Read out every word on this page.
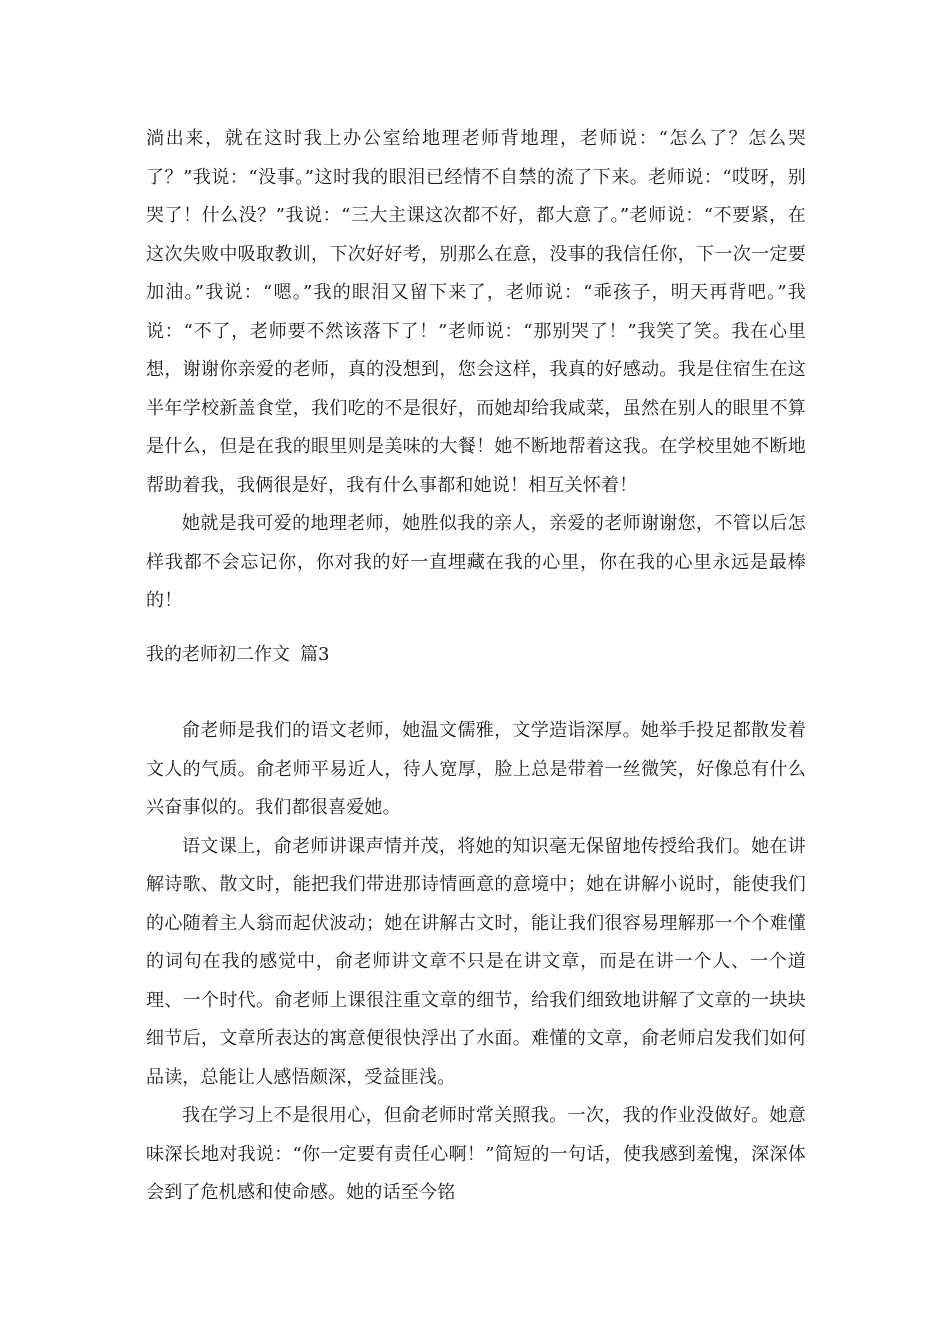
淌出来，就在这时我上办公室给地理老师背地理，老师说：“怎么了？怎么哭了？”我说：“没事。”这时我的眼泪已经情不自禁的流了下来。老师说：“哎呀，别哭了！什么没？”我说：“三大主课这次都不好，都大意了。”老师说：“不要紧，在这次失败中吸取教训，下次好好考，别那么在意，没事的我信任你，下一次一定要加油。”我说：“嗯。”我的眼泪又留下来了，老师说：“乖孩子，明天再背吧。”我说：“不了，老师要不然该落下了！”老师说：“那别哭了！”我笑了笑。我在心里想，谢谢你亲爱的老师，真的没想到，您会这样，我真的好感动。我是住宿生在这半年学校新盖食堂，我们吃的不是很好，而她却给我咸菜，虽然在别人的眼里不算是什么，但是在我的眼里则是美味的大餐！她不断地帮着这我。在学校里她不断地帮助着我，我俩很是好，我有什么事都和她说！相互关怀着！

她就是我可爱的地理老师，她胜似我的亲人，亲爱的老师谢谢您，不管以后怎样我都不会忘记你，你对我的好一直埋藏在我的心里，你在我的心里永远是最棒的！

我的老师初二作文 篇3

俞老师是我们的语文老师，她温文儒雅，文学造诣深厚。她举手投足都散发着文人的气质。俞老师平易近人，待人宽厚，脸上总是带着一丝微笑，好像总有什么兴奋事似的。我们都很喜爱她。

语文课上，俞老师讲课声情并茂，将她的知识毫无保留地传授给我们。她在讲解诗歌、散文时，能把我们带进那诗情画意的意境中；她在讲解小说时，能使我们的心随着主人翁而起伏波动；她在讲解古文时，能让我们很容易理解那一个个难懂的词句在我的感觉中，俞老师讲文章不只是在讲文章，而是在讲一个人、一个道理、一个时代。俞老师上课很注重文章的细节，给我们细致地讲解了文章的一块块细节后，文章所表达的寓意便很快浮出了水面。难懂的文章，俞老师启发我们如何品读，总能让人感悟颇深，受益匪浅。

我在学习上不是很用心，但俞老师时常关照我。一次，我的作业没做好。她意味深长地对我说：“你一定要有责任心啊！”简短的一句话，使我感到羞愧，深深体会到了危机感和使命感。她的话至今铭
